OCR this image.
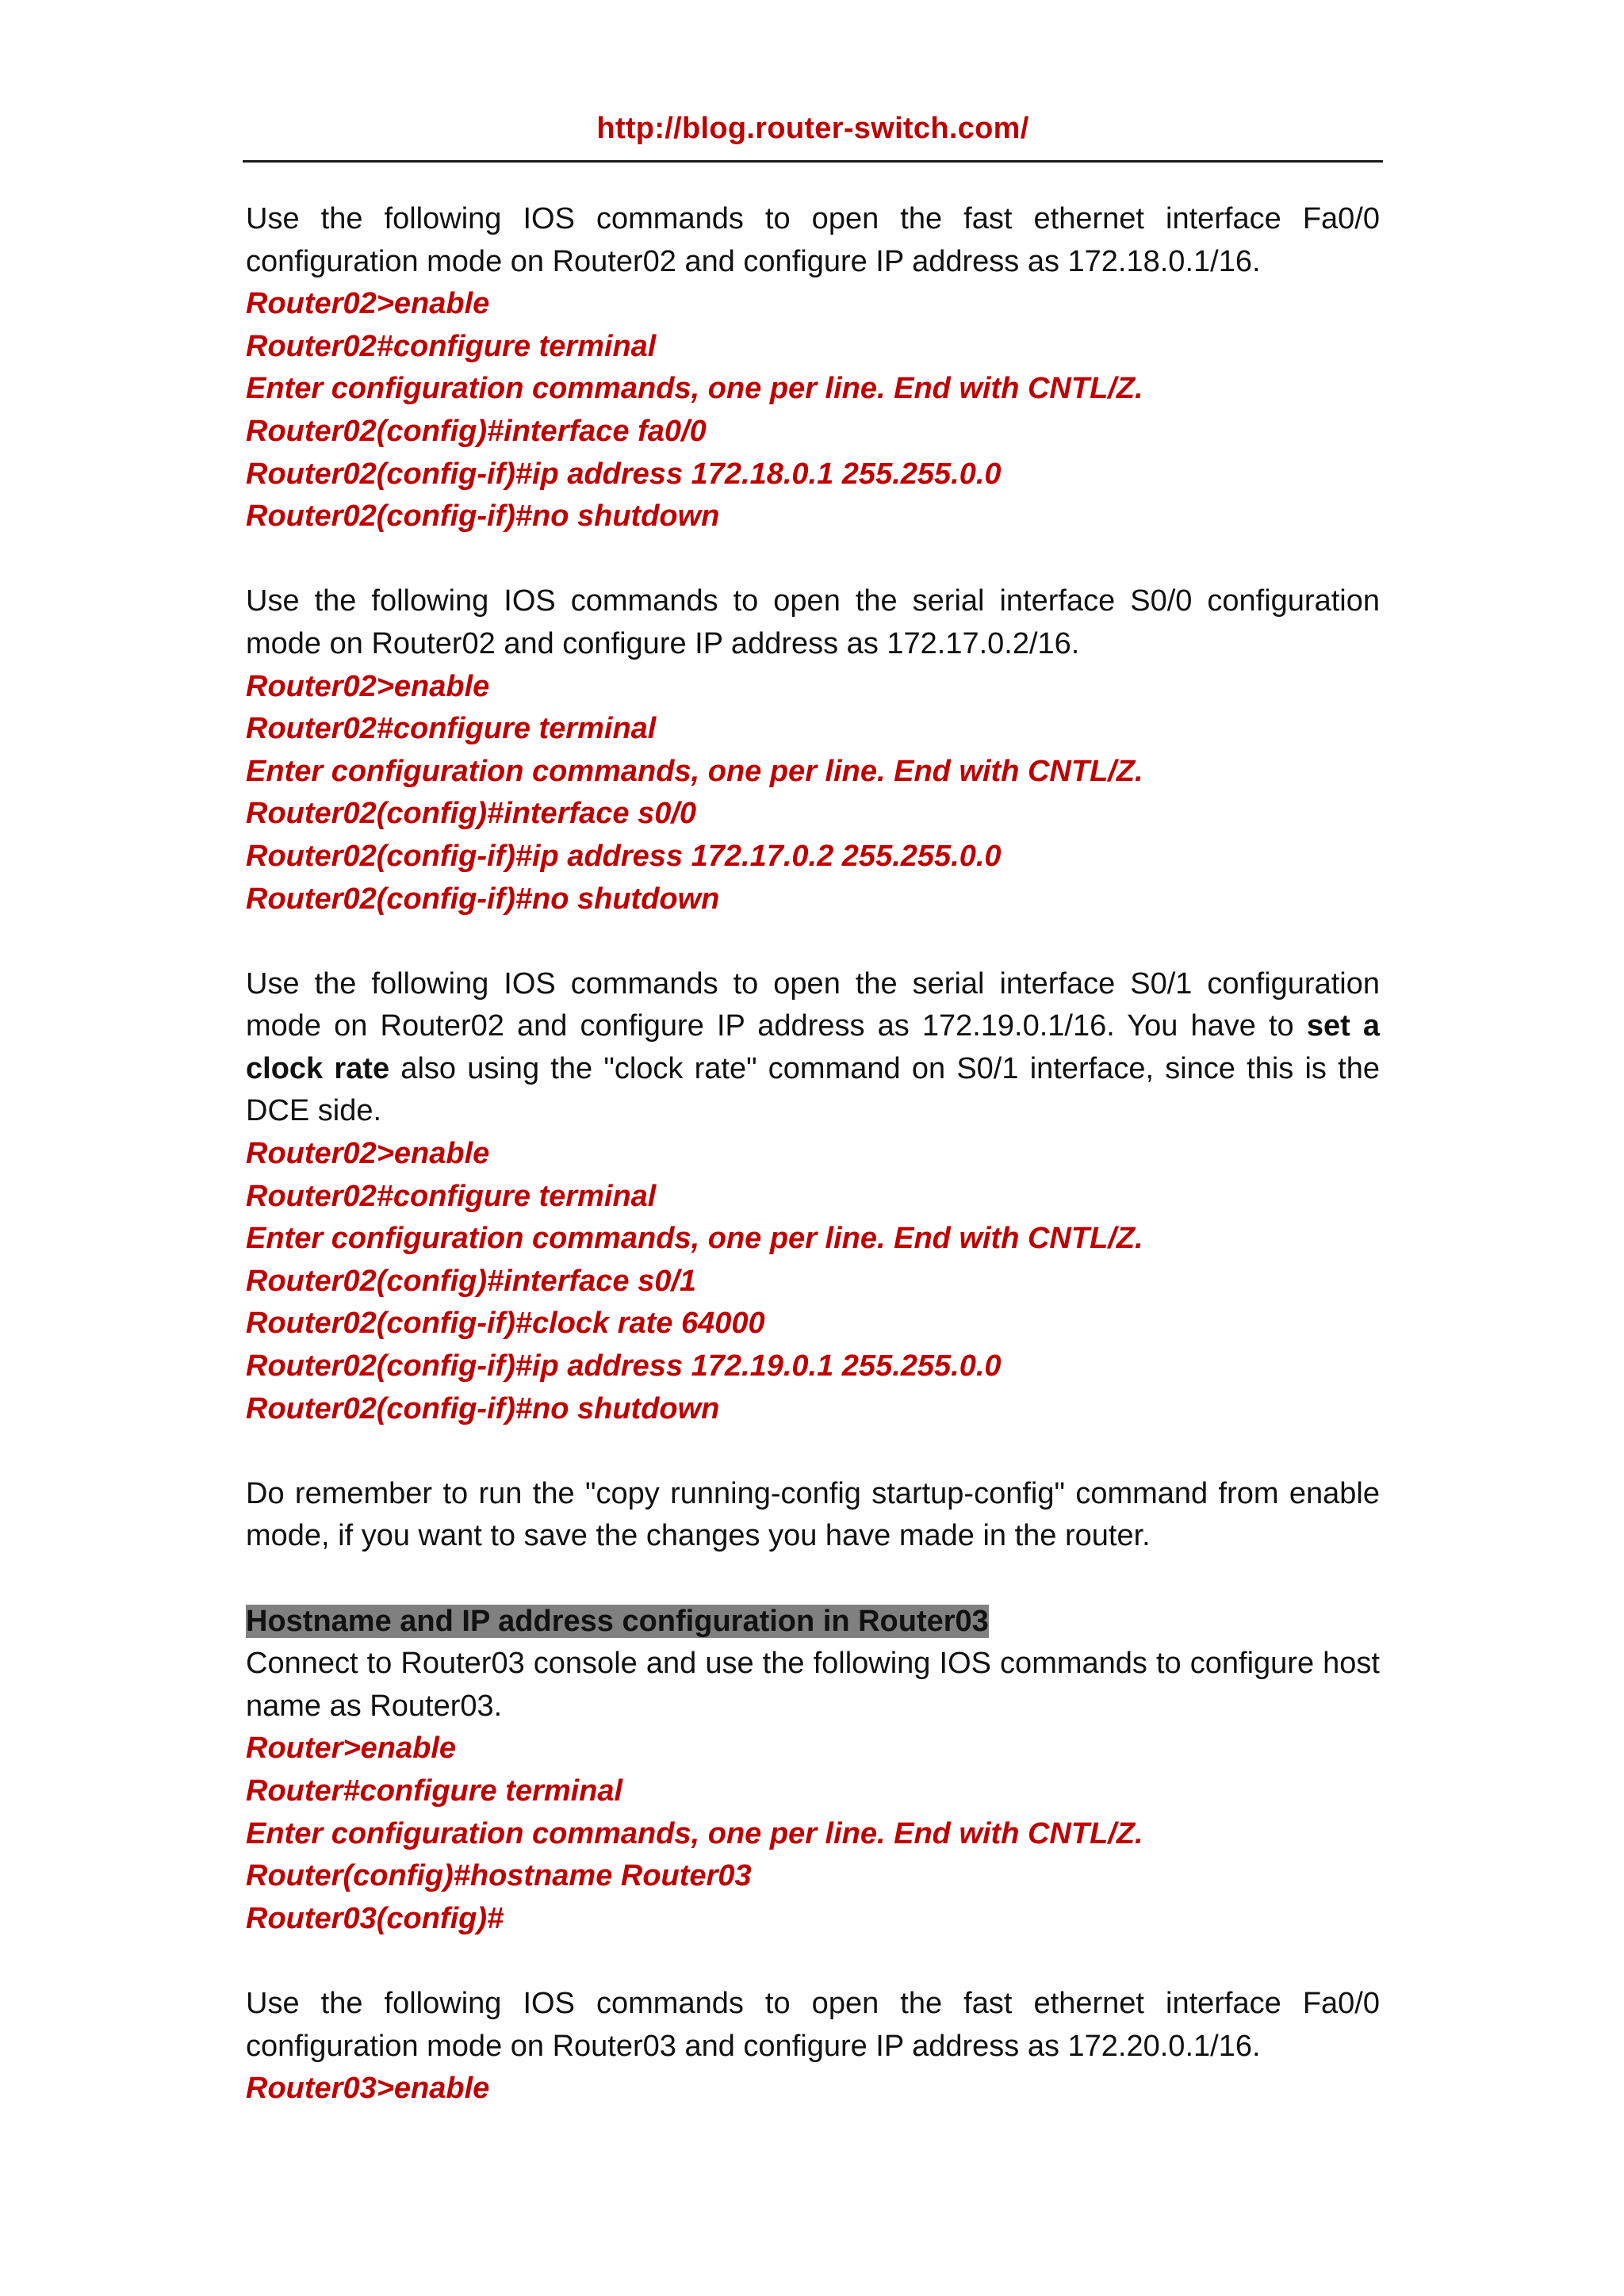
http://blog.router-switch.com/

Use the following IOS commands to open the fast ethernet interface Fa0/0 configuration mode on Router02 and configure IP address as 172.18.0.1/16.

Router02>enable

Router02#configure terminal

Enter configuration commands, one per line. End with CNTL/Z.

Router02(config)#interface fa0/0

Router02(config-if)#ip address 172.18.0.1 255.255.0.0

Router02(config-if)#no shutdown

Use the following IOS commands to open the serial interface S0/0 configuration mode on Router02 and configure IP address as 172.17.0.2/16.

Router02>enable

Router02#configure terminal

Enter configuration commands, one per line. End with CNTL/Z.

Router02(config)#interface s0/0

Router02(config-if)#ip address 172.17.0.2 255.255.0.0

Router02(config-if)#no shutdown

Use the following IOS commands to open the serial interface S0/1 configuration mode on Router02 and configure IP address as 172.19.0.1/16. You have to set a clock rate also using the "clock rate" command on S0/1 interface, since this is the DCE side.

Router02>enable

Router02#configure terminal

Enter configuration commands, one per line. End with CNTL/Z.

Router02(config)#interface s0/1

Router02(config-if)#clock rate 64000

Router02(config-if)#ip address 172.19.0.1 255.255.0.0

Router02(config-if)#no shutdown

Do remember to run the "copy running-config startup-config" command from enable mode, if you want to save the changes you have made in the router.

Hostname and IP address configuration in Router03

Connect to Router03 console and use the following IOS commands to configure host name as Router03.

Router>enable

Router#configure terminal

Enter configuration commands, one per line. End with CNTL/Z.

Router(config)#hostname Router03

Router03(config)#

Use the following IOS commands to open the fast ethernet interface Fa0/0 configuration mode on Router03 and configure IP address as 172.20.0.1/16.

Router03>enable
